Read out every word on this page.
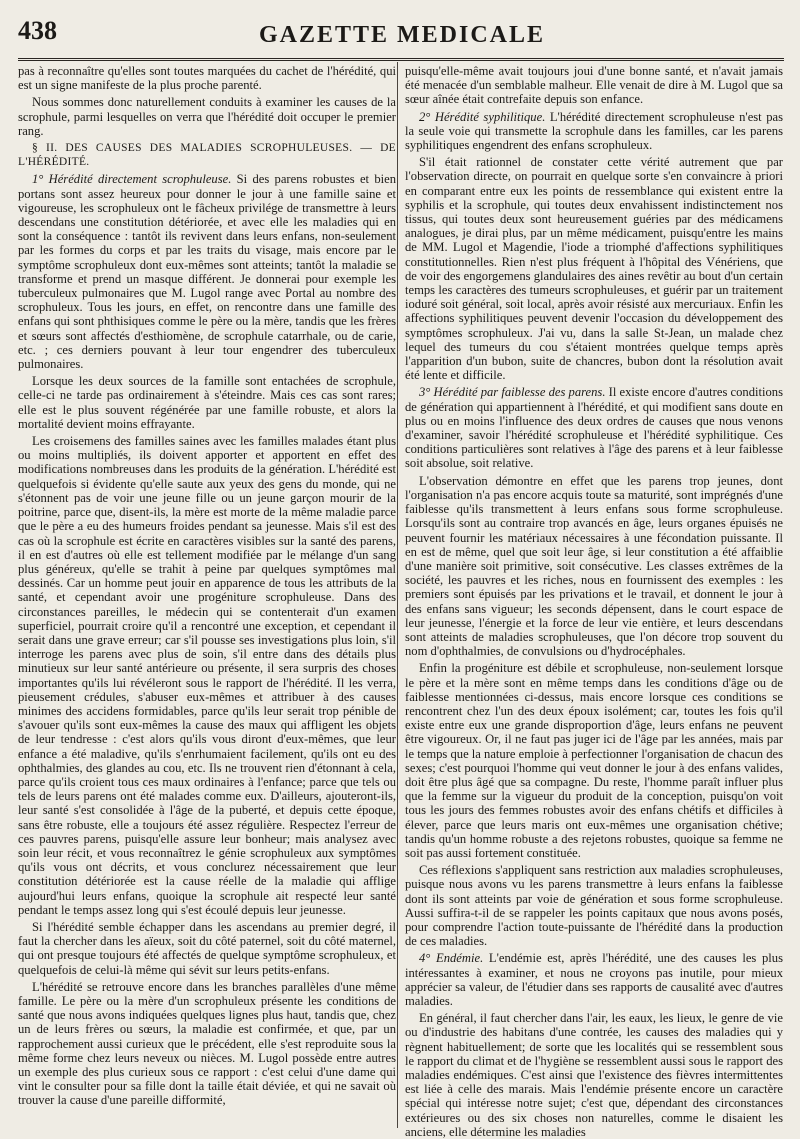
438	GAZETTE MEDICALE

pas à reconnaître qu'elles sont toutes marquées du cachet de l'hérédité, qui est un signe manifeste de la plus proche parenté.

Nous sommes donc naturellement conduits à examiner les causes de la scrophule, parmi lesquelles on verra que l'hérédité doit occuper le premier rang.

§ II. DES CAUSES DES MALADIES SCROPHULEUSES. — DE L'HÉRÉDITÉ.

1° Hérédité directement scrophuleuse. Si des parens robustes et bien portans sont assez heureux pour donner le jour à une famille saine et vigoureuse, les scrophuleux ont le fâcheux privilége de transmettre à leurs descendans une constitution détériorée, et avec elle les maladies qui en sont la conséquence : tantôt ils revivent dans leurs enfans, non-seulement par les formes du corps et par les traits du visage, mais encore par le symptôme scrophuleux dont eux-mêmes sont atteints; tantôt la maladie se transforme et prend un masque différent. Je donnerai pour exemple les tuberculeux pulmonaires que M. Lugol range avec Portal au nombre des scrophuleux. Tous les jours, en effet, on rencontre dans une famille des enfans qui sont phthisiques comme le père ou la mère, tandis que les frères et sœurs sont affectés d'esthiomène, de scrophule catarrhale, ou de carie, etc. ; ces derniers pouvant à leur tour engendrer des tuberculeux pulmonaires.

Lorsque les deux sources de la famille sont entachées de scrophule, celle-ci ne tarde pas ordinairement à s'éteindre. Mais ces cas sont rares; elle est le plus souvent régénérée par une famille robuste, et alors la mortalité devient moins effrayante.

Les croisemens des familles saines avec les familles malades étant plus ou moins multipliés, ils doivent apporter et apportent en effet des modifications nombreuses dans les produits de la génération. L'hérédité est quelquefois si évidente qu'elle saute aux yeux des gens du monde, qui ne s'étonnent pas de voir une jeune fille ou un jeune garçon mourir de la poitrine, parce que, disent-ils, la mère est morte de la même maladie parce que le père a eu des humeurs froides pendant sa jeunesse. Mais s'il est des cas où la scrophule est écrite en caractères visibles sur la santé des parens, il en est d'autres où elle est tellement modifiée par le mélange d'un sang plus généreux, qu'elle se trahit à peine par quelques symptômes mal dessinés. Car un homme peut jouir en apparence de tous les attributs de la santé, et cependant avoir une progéniture scrophuleuse. Dans des circonstances pareilles, le médecin qui se contenterait d'un examen superficiel, pourrait croire qu'il a rencontré une exception, et cependant il serait dans une grave erreur; car s'il pousse ses investigations plus loin, s'il interroge les parens avec plus de soin, s'il entre dans des détails plus minutieux sur leur santé antérieure ou présente, il sera surpris des choses importantes qu'ils lui révéleront sous le rapport de l'hérédité. Il les verra, pieusement crédules, s'abuser eux-mêmes et attribuer à des causes minimes des accidens formidables, parce qu'ils leur serait trop pénible de s'avouer qu'ils sont eux-mêmes la cause des maux qui affligent les objets de leur tendresse : c'est alors qu'ils vous diront d'eux-mêmes, que leur enfance a été maladive, qu'ils s'enrhumaient facilement, qu'ils ont eu des ophthalmies, des glandes au cou, etc. Ils ne trouvent rien d'étonnant à cela, parce qu'ils croient tous ces maux ordinaires à l'enfance; parce que tels ou tels de leurs parens ont été malades comme eux. D'ailleurs, ajouteront-ils, leur santé s'est consolidée à l'âge de la puberté, et depuis cette époque, sans être robuste, elle a toujours été assez régulière. Respectez l'erreur de ces pauvres parens, puisqu'elle assure leur bonheur; mais analysez avec soin leur récit, et vous reconnaîtrez le génie scrophuleux aux symptômes qu'ils vous ont décrits, et vous conclurez nécessairement que leur constitution détériorée est la cause réelle de la maladie qui afflige aujourd'hui leurs enfans, quoique la scrophule ait respecté leur santé pendant le temps assez long qui s'est écoulé depuis leur jeunesse.

Si l'hérédité semble échapper dans les ascendans au premier degré, il faut la chercher dans les aïeux, soit du côté paternel, soit du côté maternel, qui ont presque toujours été affectés de quelque symptôme scrophuleux, et quelquefois de celui-là même qui sévit sur leurs petits-enfans.

L'hérédité se retrouve encore dans les branches parallèles d'une même famille. Le père ou la mère d'un scrophuleux présente les conditions de santé que nous avons indiquées quelques lignes plus haut, tandis que, chez un de leurs frères ou sœurs, la maladie est confirmée, et que, par un rapprochement aussi curieux que le précédent, elle s'est reproduite sous la même forme chez leurs neveux ou nièces. M. Lugol possède entre autres un exemple des plus curieux sous ce rapport : c'est celui d'une dame qui vint le consulter pour sa fille dont la taille était déviée, et qui ne savait où trouver la cause d'une pareille difformité,

puisqu'elle-même avait toujours joui d'une bonne santé, et n'avait jamais été menacée d'un semblable malheur. Elle venait de dire à M. Lugol que sa sœur aînée était contrefaite depuis son enfance.

2° Hérédité syphilitique. L'hérédité directement scrophuleuse n'est pas la seule voie qui transmette la scrophule dans les familles, car les parens syphilitiques engendrent des enfans scrophuleux.

S'il était rationnel de constater cette vérité autrement que par l'observation directe, on pourrait en quelque sorte s'en convaincre à priori en comparant entre eux les points de ressemblance qui existent entre la syphilis et la scrophule, qui toutes deux envahissent indistinctement nos tissus, qui toutes deux sont heureusement guéries par des médicamens analogues, je dirai plus, par un même médicament, puisqu'entre les mains de MM. Lugol et Magendie, l'iode a triomphé d'affections syphilitiques constitutionnelles. Rien n'est plus fréquent à l'hôpital des Vénériens, que de voir des engorgemens glandulaires des aines revêtir au bout d'un certain temps les caractères des tumeurs scrophuleuses, et guérir par un traitement ioduré soit général, soit local, après avoir résisté aux mercuriaux. Enfin les affections syphilitiques peuvent devenir l'occasion du développement des symptômes scrophuleux. J'ai vu, dans la salle St-Jean, un malade chez lequel des tumeurs du cou s'étaient montrées quelque temps après l'apparition d'un bubon, suite de chancres, bubon dont la résolution avait été lente et difficile.

3° Hérédité par faiblesse des parens. Il existe encore d'autres conditions de génération qui appartiennent à l'hérédité, et qui modifient sans doute en plus ou en moins l'influence des deux ordres de causes que nous venons d'examiner, savoir l'hérédité scrophuleuse et l'hérédité syphilitique. Ces conditions particulières sont relatives à l'âge des parens et à leur faiblesse soit absolue, soit relative.

L'observation démontre en effet que les parens trop jeunes, dont l'organisation n'a pas encore acquis toute sa maturité, sont imprégnés d'une faiblesse qu'ils transmettent à leurs enfans sous forme scrophuleuse. Lorsqu'ils sont au contraire trop avancés en âge, leurs organes épuisés ne peuvent fournir les matériaux nécessaires à une fécondation puissante. Il en est de même, quel que soit leur âge, si leur constitution a été affaiblie d'une manière soit primitive, soit consécutive. Les classes extrêmes de la société, les pauvres et les riches, nous en fournissent des exemples : les premiers sont épuisés par les privations et le travail, et donnent le jour à des enfans sans vigueur; les seconds dépensent, dans le court espace de leur jeunesse, l'énergie et la force de leur vie entière, et leurs descendans sont atteints de maladies scrophuleuses, que l'on décore trop souvent du nom d'ophthalmies, de convulsions ou d'hydrocéphales.

Enfin la progéniture est débile et scrophuleuse, non-seulement lorsque le père et la mère sont en même temps dans les conditions d'âge ou de faiblesse mentionnées ci-dessus, mais encore lorsque ces conditions se rencontrent chez l'un des deux époux isolément; car, toutes les fois qu'il existe entre eux une grande disproportion d'âge, leurs enfans ne peuvent être vigoureux. Or, il ne faut pas juger ici de l'âge par les années, mais par le temps que la nature emploie à perfectionner l'organisation de chacun des sexes; c'est pourquoi l'homme qui veut donner le jour à des enfans valides, doit être plus âgé que sa compagne. Du reste, l'homme paraît influer plus que la femme sur la vigueur du produit de la conception, puisqu'on voit tous les jours des femmes robustes avoir des enfans chétifs et difficiles à élever, parce que leurs maris ont eux-mêmes une organisation chétive; tandis qu'un homme robuste a des rejetons robustes, quoique sa femme ne soit pas aussi fortement constituée.

Ces réflexions s'appliquent sans restriction aux maladies scrophuleuses, puisque nous avons vu les parens transmettre à leurs enfans la faiblesse dont ils sont atteints par voie de génération et sous forme scrophuleuse. Aussi suffira-t-il de se rappeler les points capitaux que nous avons posés, pour comprendre l'action toute-puissante de l'hérédité dans la production de ces maladies.

4° Endémie. L'endémie est, après l'hérédité, une des causes les plus intéressantes à examiner, et nous ne croyons pas inutile, pour mieux apprécier sa valeur, de l'étudier dans ses rapports de causalité avec d'autres maladies.

En général, il faut chercher dans l'air, les eaux, les lieux, le genre de vie ou d'industrie des habitans d'une contrée, les causes des maladies qui y règnent habituellement; de sorte que les localités qui se ressemblent sous le rapport du climat et de l'hygiène se ressemblent aussi sous le rapport des maladies endémiques. C'est ainsi que l'existence des fièvres intermittentes est liée à celle des marais. Mais l'endémie présente encore un caractère spécial qui intéresse notre sujet; c'est que, dépendant des circonstances extérieures ou des six choses non naturelles, comme le disaient les anciens, elle détermine les maladies
